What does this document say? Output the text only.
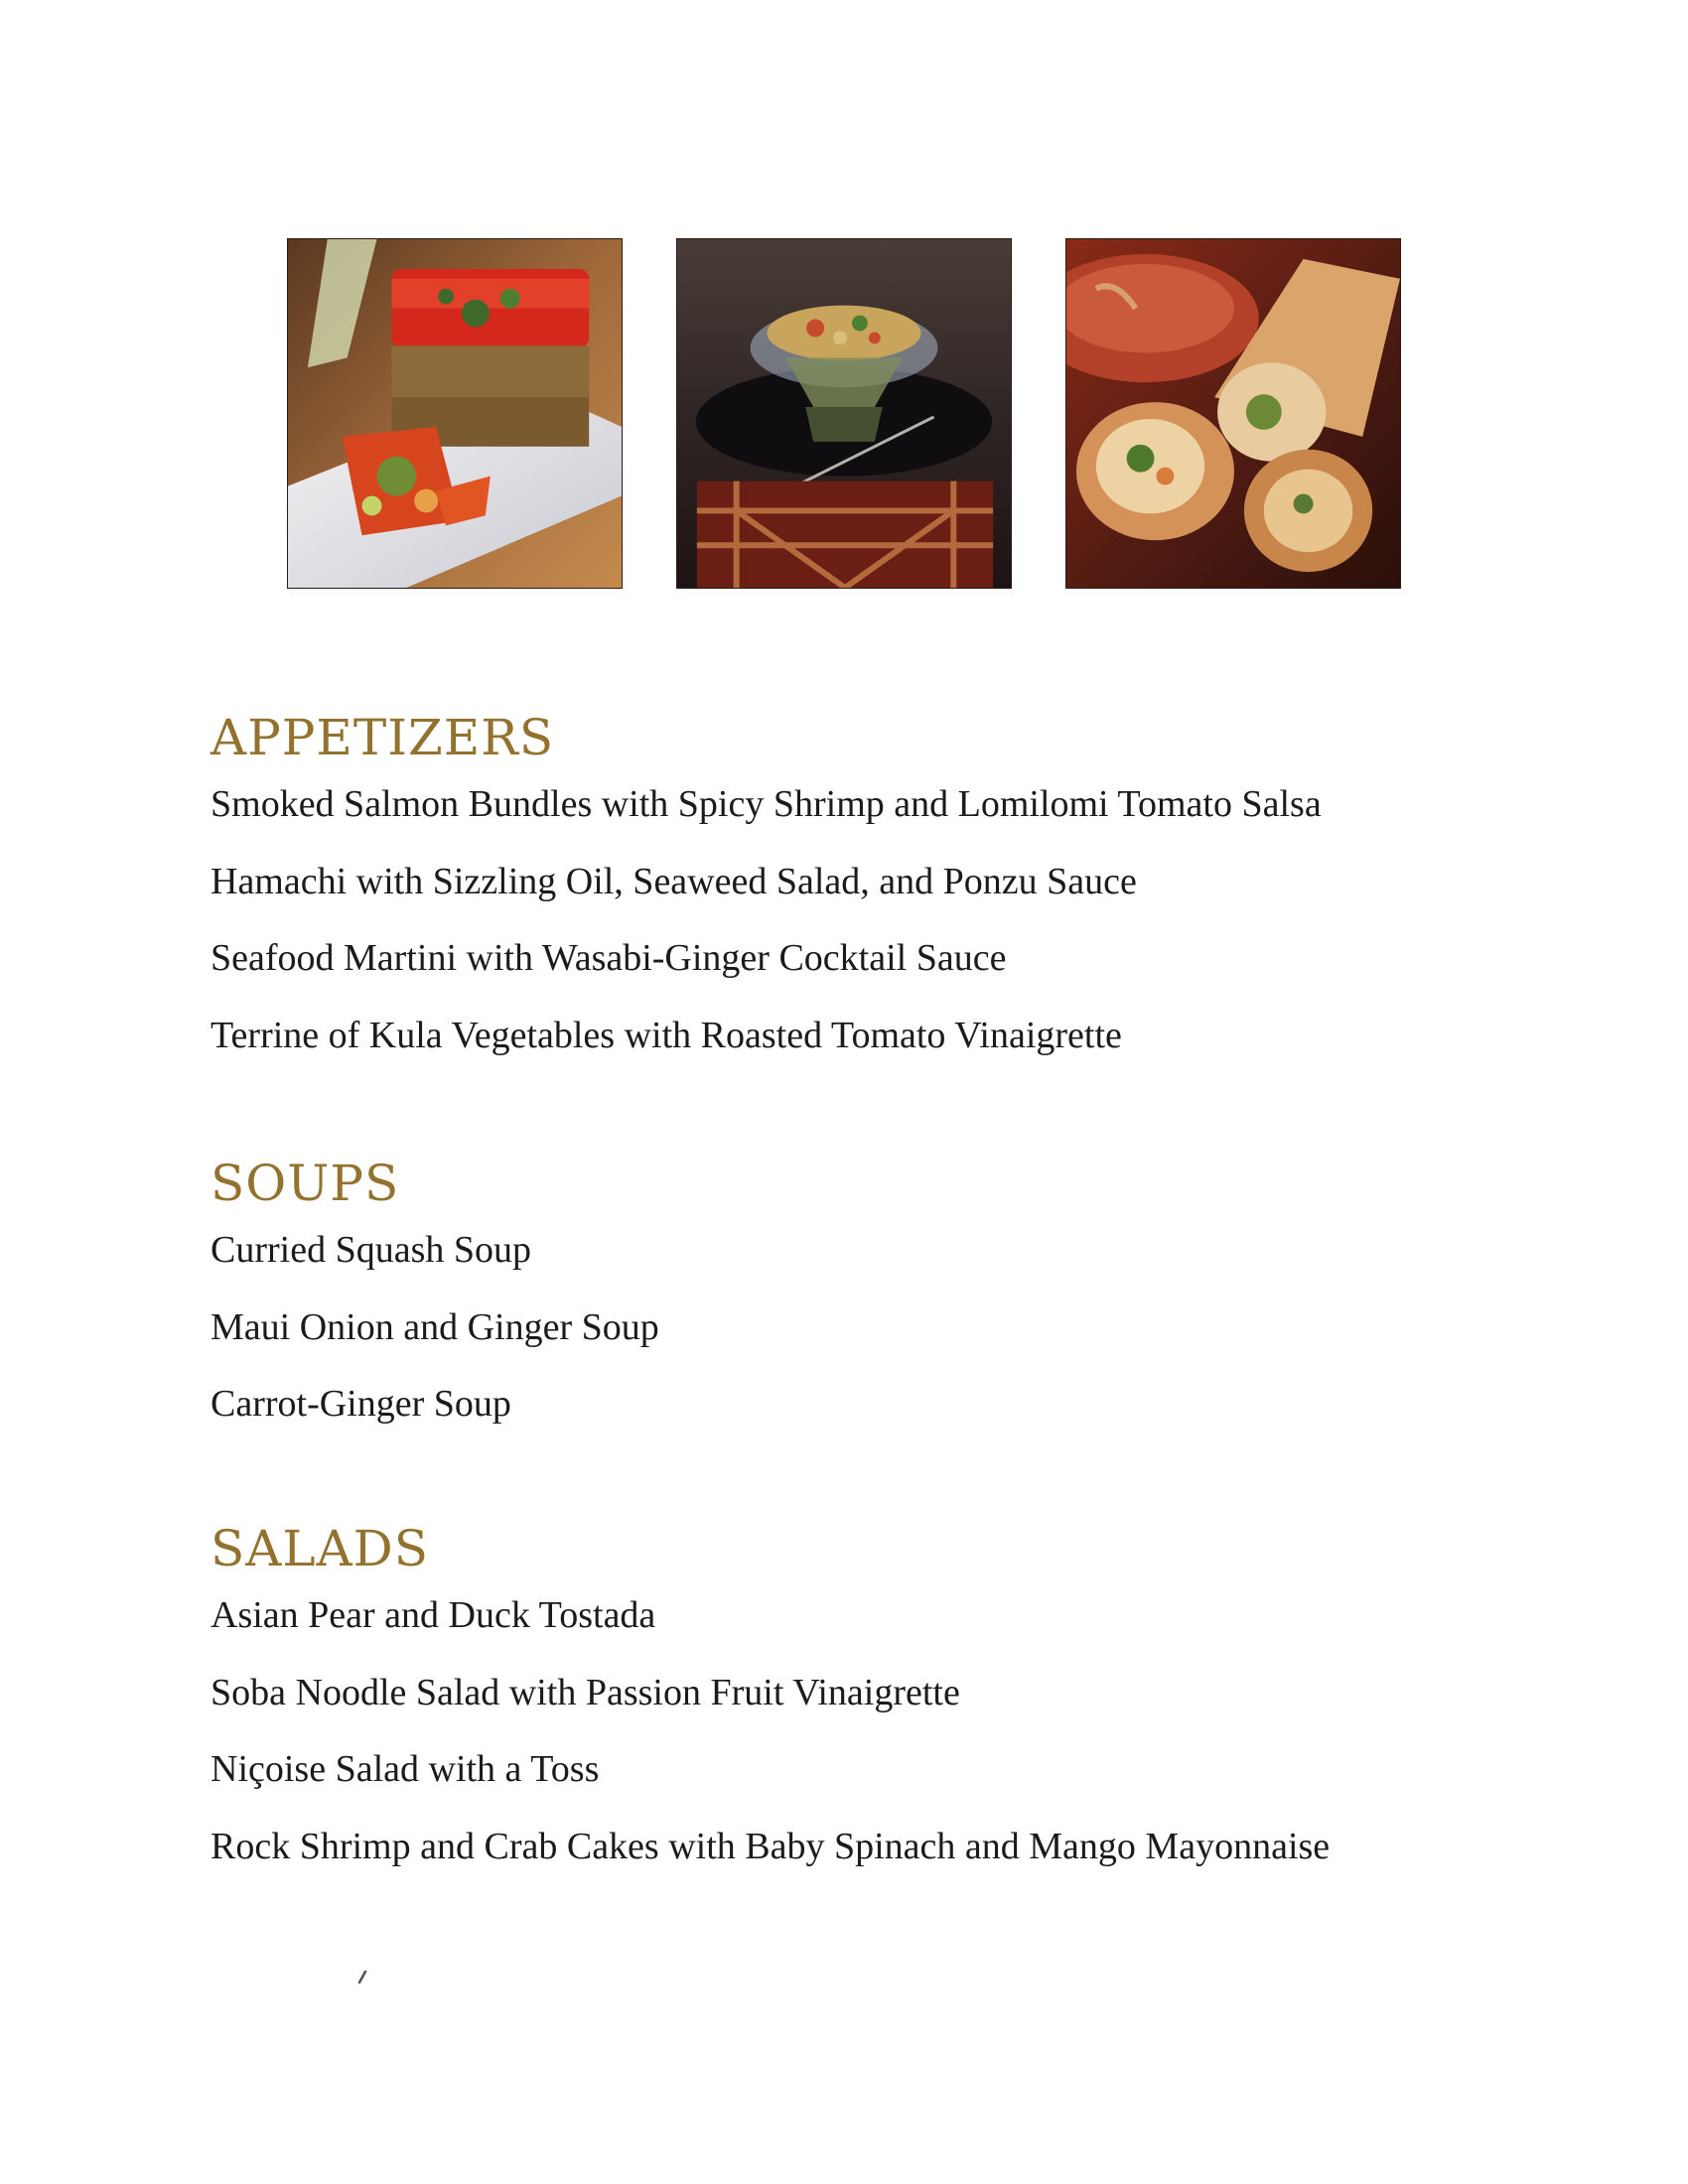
APPETIZERS
Smoked Salmon Bundles with Spicy Shrimp and Lomilomi Tomato Salsa
Hamachi with Sizzling Oil, Seaweed Salad, and Ponzu Sauce
Seafood Martini with Wasabi-Ginger Cocktail Sauce
Terrine of Kula Vegetables with Roasted Tomato Vinaigrette
SOUPS
Curried Squash Soup
Maui Onion and Ginger Soup
Carrot-Ginger Soup
SALADS
Asian Pear and Duck Tostada
Soba Noodle Salad with Passion Fruit Vinaigrette
Niçoise Salad with a Toss
Rock Shrimp and Crab Cakes with Baby Spinach and Mango Mayonnaise
